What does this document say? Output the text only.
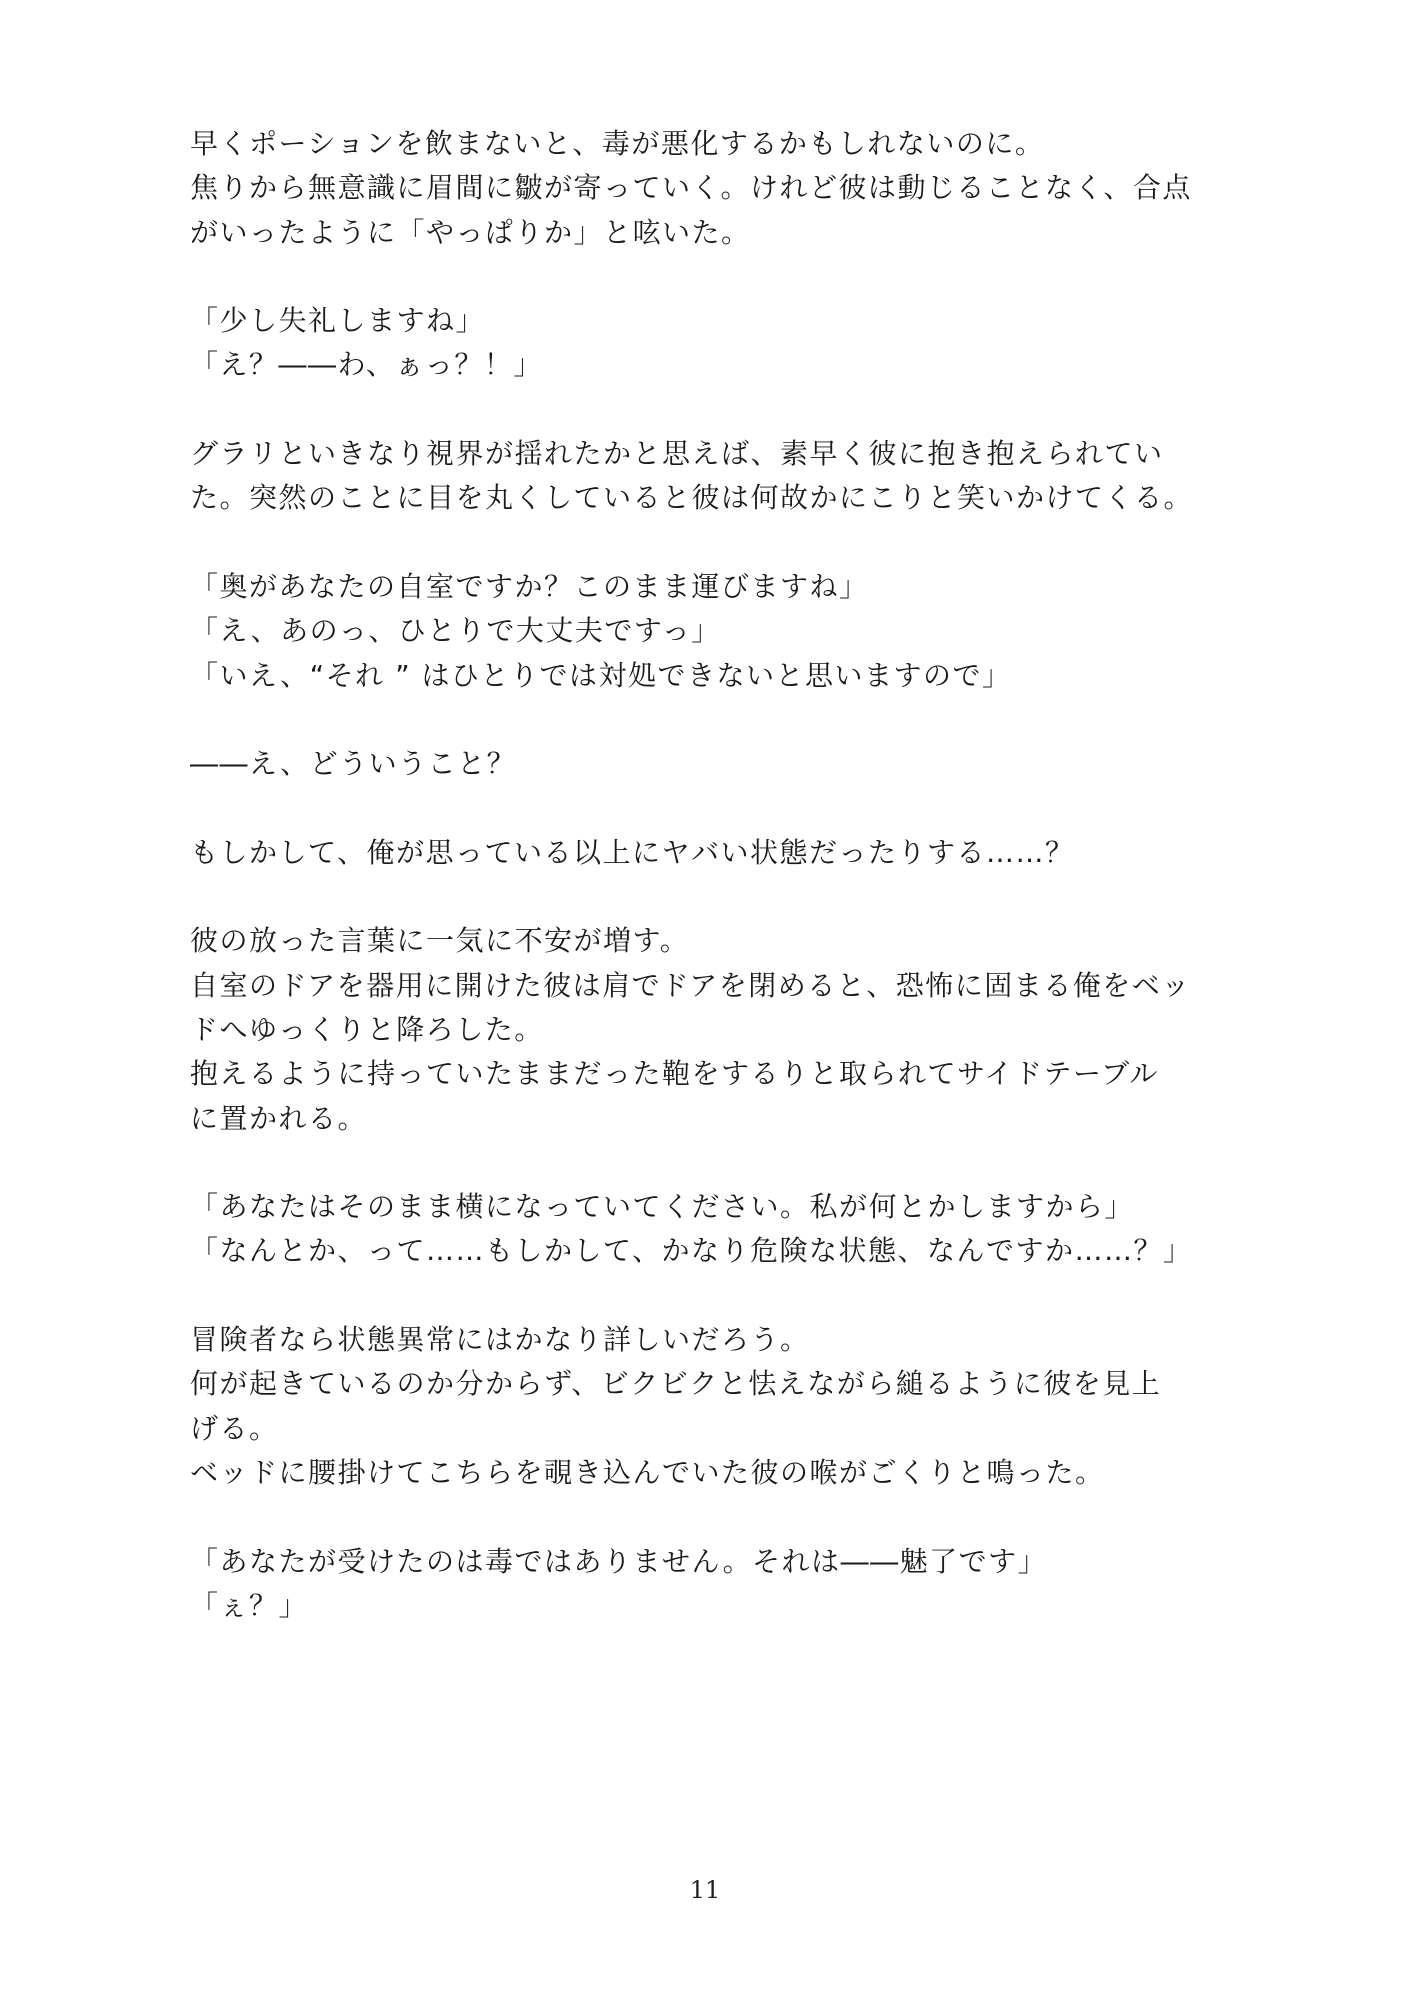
早くポーションを飲まないと、毒が悪化するかもしれないのに。
焦りから無意識に眉間に皺が寄っていく。けれど彼は動じることなく、合点
がいったように「やっぱりか」と呟いた。
「少し失礼しますね」
「え？――わ、ぁっ？！」
グラリといきなり視界が揺れたかと思えば、素早く彼に抱き抱えられてい
た。突然のことに目を丸くしていると彼は何故かにこりと笑いかけてくる。
「奥があなたの自室ですか？このまま運びますね」
「え、あのっ、ひとりで大丈夫ですっ」
「いえ、“それ ” はひとりでは対処できないと思いますので」
――え、どういうこと？
もしかして、俺が思っている以上にヤバい状態だったりする……？
彼の放った言葉に一気に不安が増す。
自室のドアを器用に開けた彼は肩でドアを閉めると、恐怖に固まる俺をベッ
ドへゆっくりと降ろした。
抱えるように持っていたままだった鞄をするりと取られてサイドテーブル
に置かれる。
「あなたはそのまま横になっていてください。私が何とかしますから」
「なんとか、って……もしかして、かなり危険な状態、なんですか……？」
冒険者なら状態異常にはかなり詳しいだろう。
何が起きているのか分からず、ビクビクと怯えながら縋るように彼を見上
げる。
ベッドに腰掛けてこちらを覗き込んでいた彼の喉がごくりと鳴った。
「あなたが受けたのは毒ではありません。それは――魅了です」
「ぇ？」
11
